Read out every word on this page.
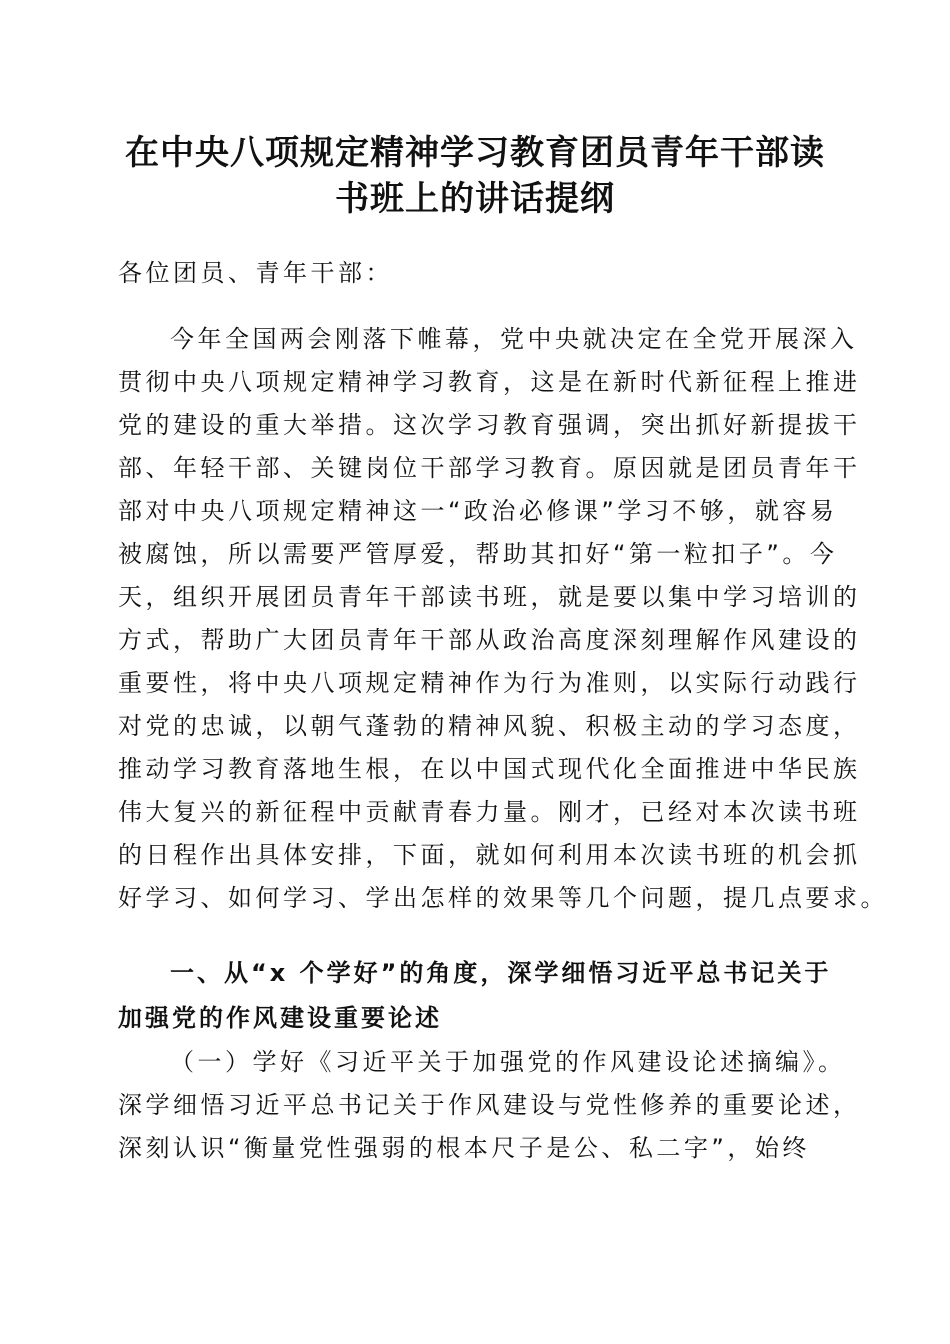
在中央八项规定精神学习教育团员青年干部读
书班上的讲话提纲
各位团员、青年干部：
今年全国两会刚落下帷幕，党中央就决定在全党开展深入
贯彻中央八项规定精神学习教育，这是在新时代新征程上推进
党的建设的重大举措。这次学习教育强调，突出抓好新提拔干
部、年轻干部、关键岗位干部学习教育。原因就是团员青年干
部对中央八项规定精神这一“政治必修课”学习不够，就容易
被腐蚀，所以需要严管厚爱，帮助其扣好“第一粒扣子”。今
天，组织开展团员青年干部读书班，就是要以集中学习培训的
方式，帮助广大团员青年干部从政治高度深刻理解作风建设的
重要性，将中央八项规定精神作为行为准则，以实际行动践行
对党的忠诚，以朝气蓬勃的精神风貌、积极主动的学习态度，
推动学习教育落地生根，在以中国式现代化全面推进中华民族
伟大复兴的新征程中贡献青春力量。刚才，已经对本次读书班
的日程作出具体安排，下面，就如何利用本次读书班的机会抓
好学习、如何学习、学出怎样的效果等几个问题，提几点要求。
一、从“x 个学好”的角度，深学细悟习近平总书记关于
加强党的作风建设重要论述
（一）学好《习近平关于加强党的作风建设论述摘编》。
深学细悟习近平总书记关于作风建设与党性修养的重要论述，
深刻认识“衡量党性强弱的根本尺子是公、私二字”，始终
